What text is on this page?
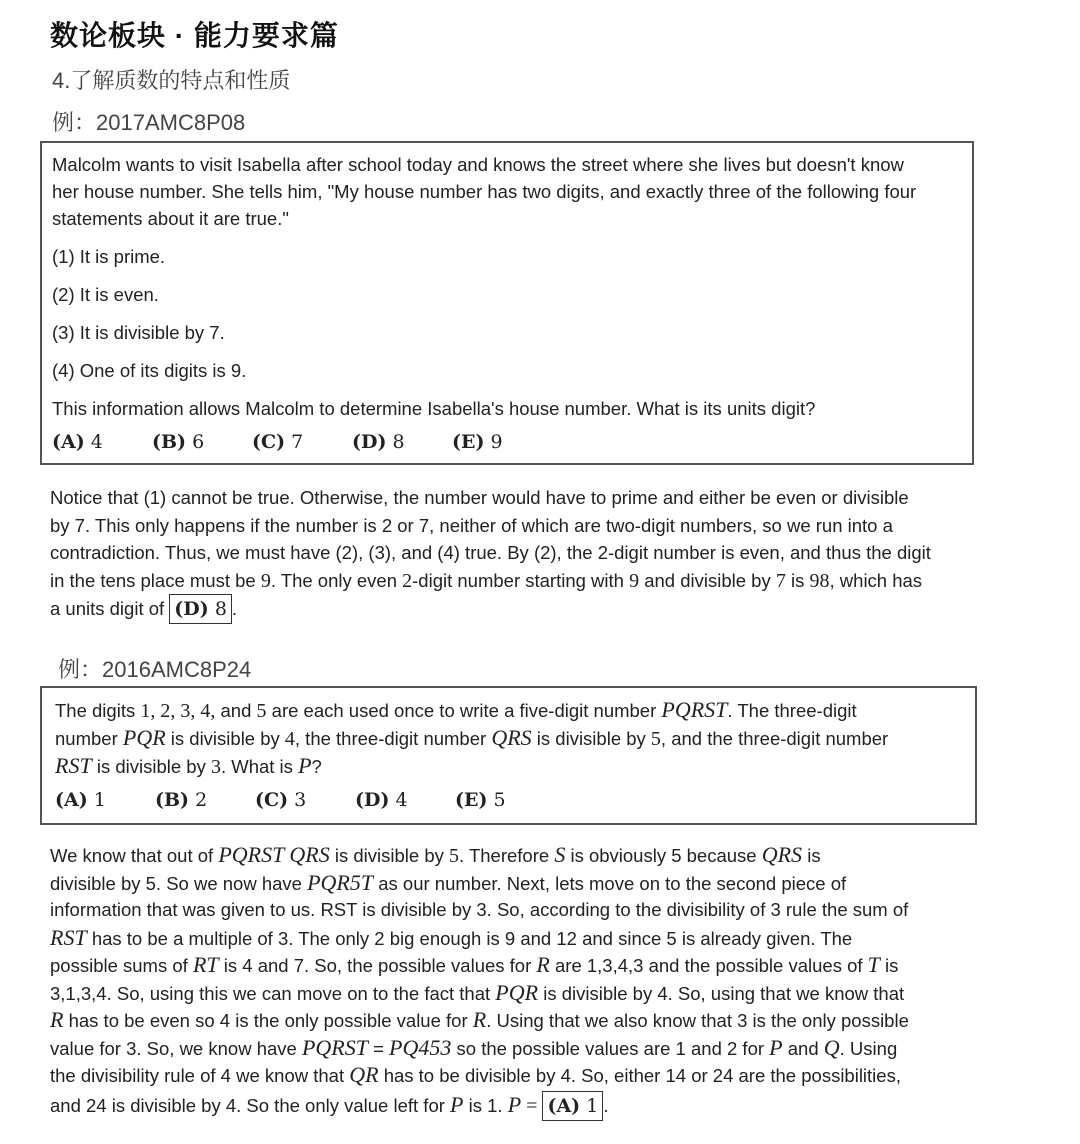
数论板块 · 能力要求篇
4.了解质数的特点和性质
例：2017AMC8P08

Malcolm wants to visit Isabella after school today and knows the street where she lives but doesn't know

her house number. She tells him, "My house number has two digits, and exactly three of the following four

statements about it are true."

(1) It is prime.

(2) It is even.

(3) It is divisible by 7.

(4) One of its digits is 9.

This information allows Malcolm to determine Isabella's house number. What is its units digit?

(A) 4	(B) 6	(C) 7	(D) 8	(E) 9

Notice that (1) cannot be true. Otherwise, the number would have to prime and either be even or divisible

by 7. This only happens if the number is 2 or 7, neither of which are two-digit numbers, so we run into a

contradiction. Thus, we must have (2), (3), and (4) true. By (2), the 2-digit number is even, and thus the digit

in the tens place must be 9. The only even 2-digit number starting with 9 and divisible by 7 is 98, which has

a units digit of (D) 8 .

例：2016AMC8P24

The digits 1, 2, 3, 4, and 5 are each used once to write a five-digit number PQRST. The three-digit

number PQR is divisible by 4, the three-digit number QRS is divisible by 5, and the three-digit number

RST is divisible by 3. What is P?

(A) 1	(B) 2	(C) 3	(D) 4	(E) 5

We know that out of PQRST QRS is divisible by 5. Therefore S is obviously 5 because QRS is

divisible by 5. So we now have PQR5T as our number. Next, lets move on to the second piece of

information that was given to us. RST is divisible by 3. So, according to the divisibility of 3 rule the sum of

RST has to be a multiple of 3. The only 2 big enough is 9 and 12 and since 5 is already given. The

possible sums of RT is 4 and 7. So, the possible values for R are 1,3,4,3 and the possible values of T is

3,1,3,4. So, using this we can move on to the fact that PQR is divisible by 4. So, using that we know that

R has to be even so 4 is the only possible value for R. Using that we also know that 3 is the only possible

value for 3. So, we know have PQRST = PQ453 so the possible values are 1 and 2 for P and Q. Using

the divisibility rule of 4 we know that QR has to be divisible by 4. So, either 14 or 24 are the possibilities,

and 24 is divisible by 4. So the only value left for P is 1. P = (A) 1 .
